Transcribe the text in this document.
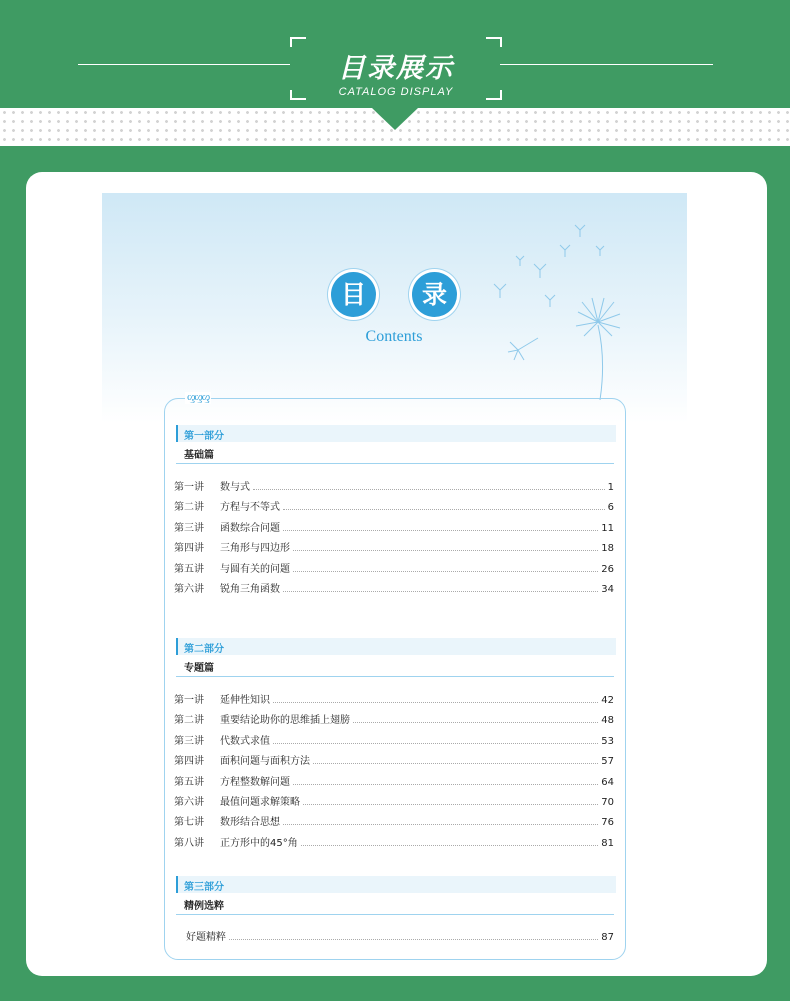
目录展示
CATALOG DISPLAY
目	录
Contents
ᦐᦐᦐ
第一部分
基础篇
第一讲	数与式	1
第二讲	方程与不等式	6
第三讲	函数综合问题	11
第四讲	三角形与四边形	18
第五讲	与圆有关的问题	26
第六讲	锐角三角函数	34
第二部分
专题篇
第一讲	延伸性知识	42
第二讲	重要结论助你的思维插上翅膀	48
第三讲	代数式求值	53
第四讲	面积问题与面积方法	57
第五讲	方程整数解问题	64
第六讲	最值问题求解策略	70
第七讲	数形结合思想	76
第八讲	正方形中的45°角	81
第三部分
精例选粹
好题精粹	87
